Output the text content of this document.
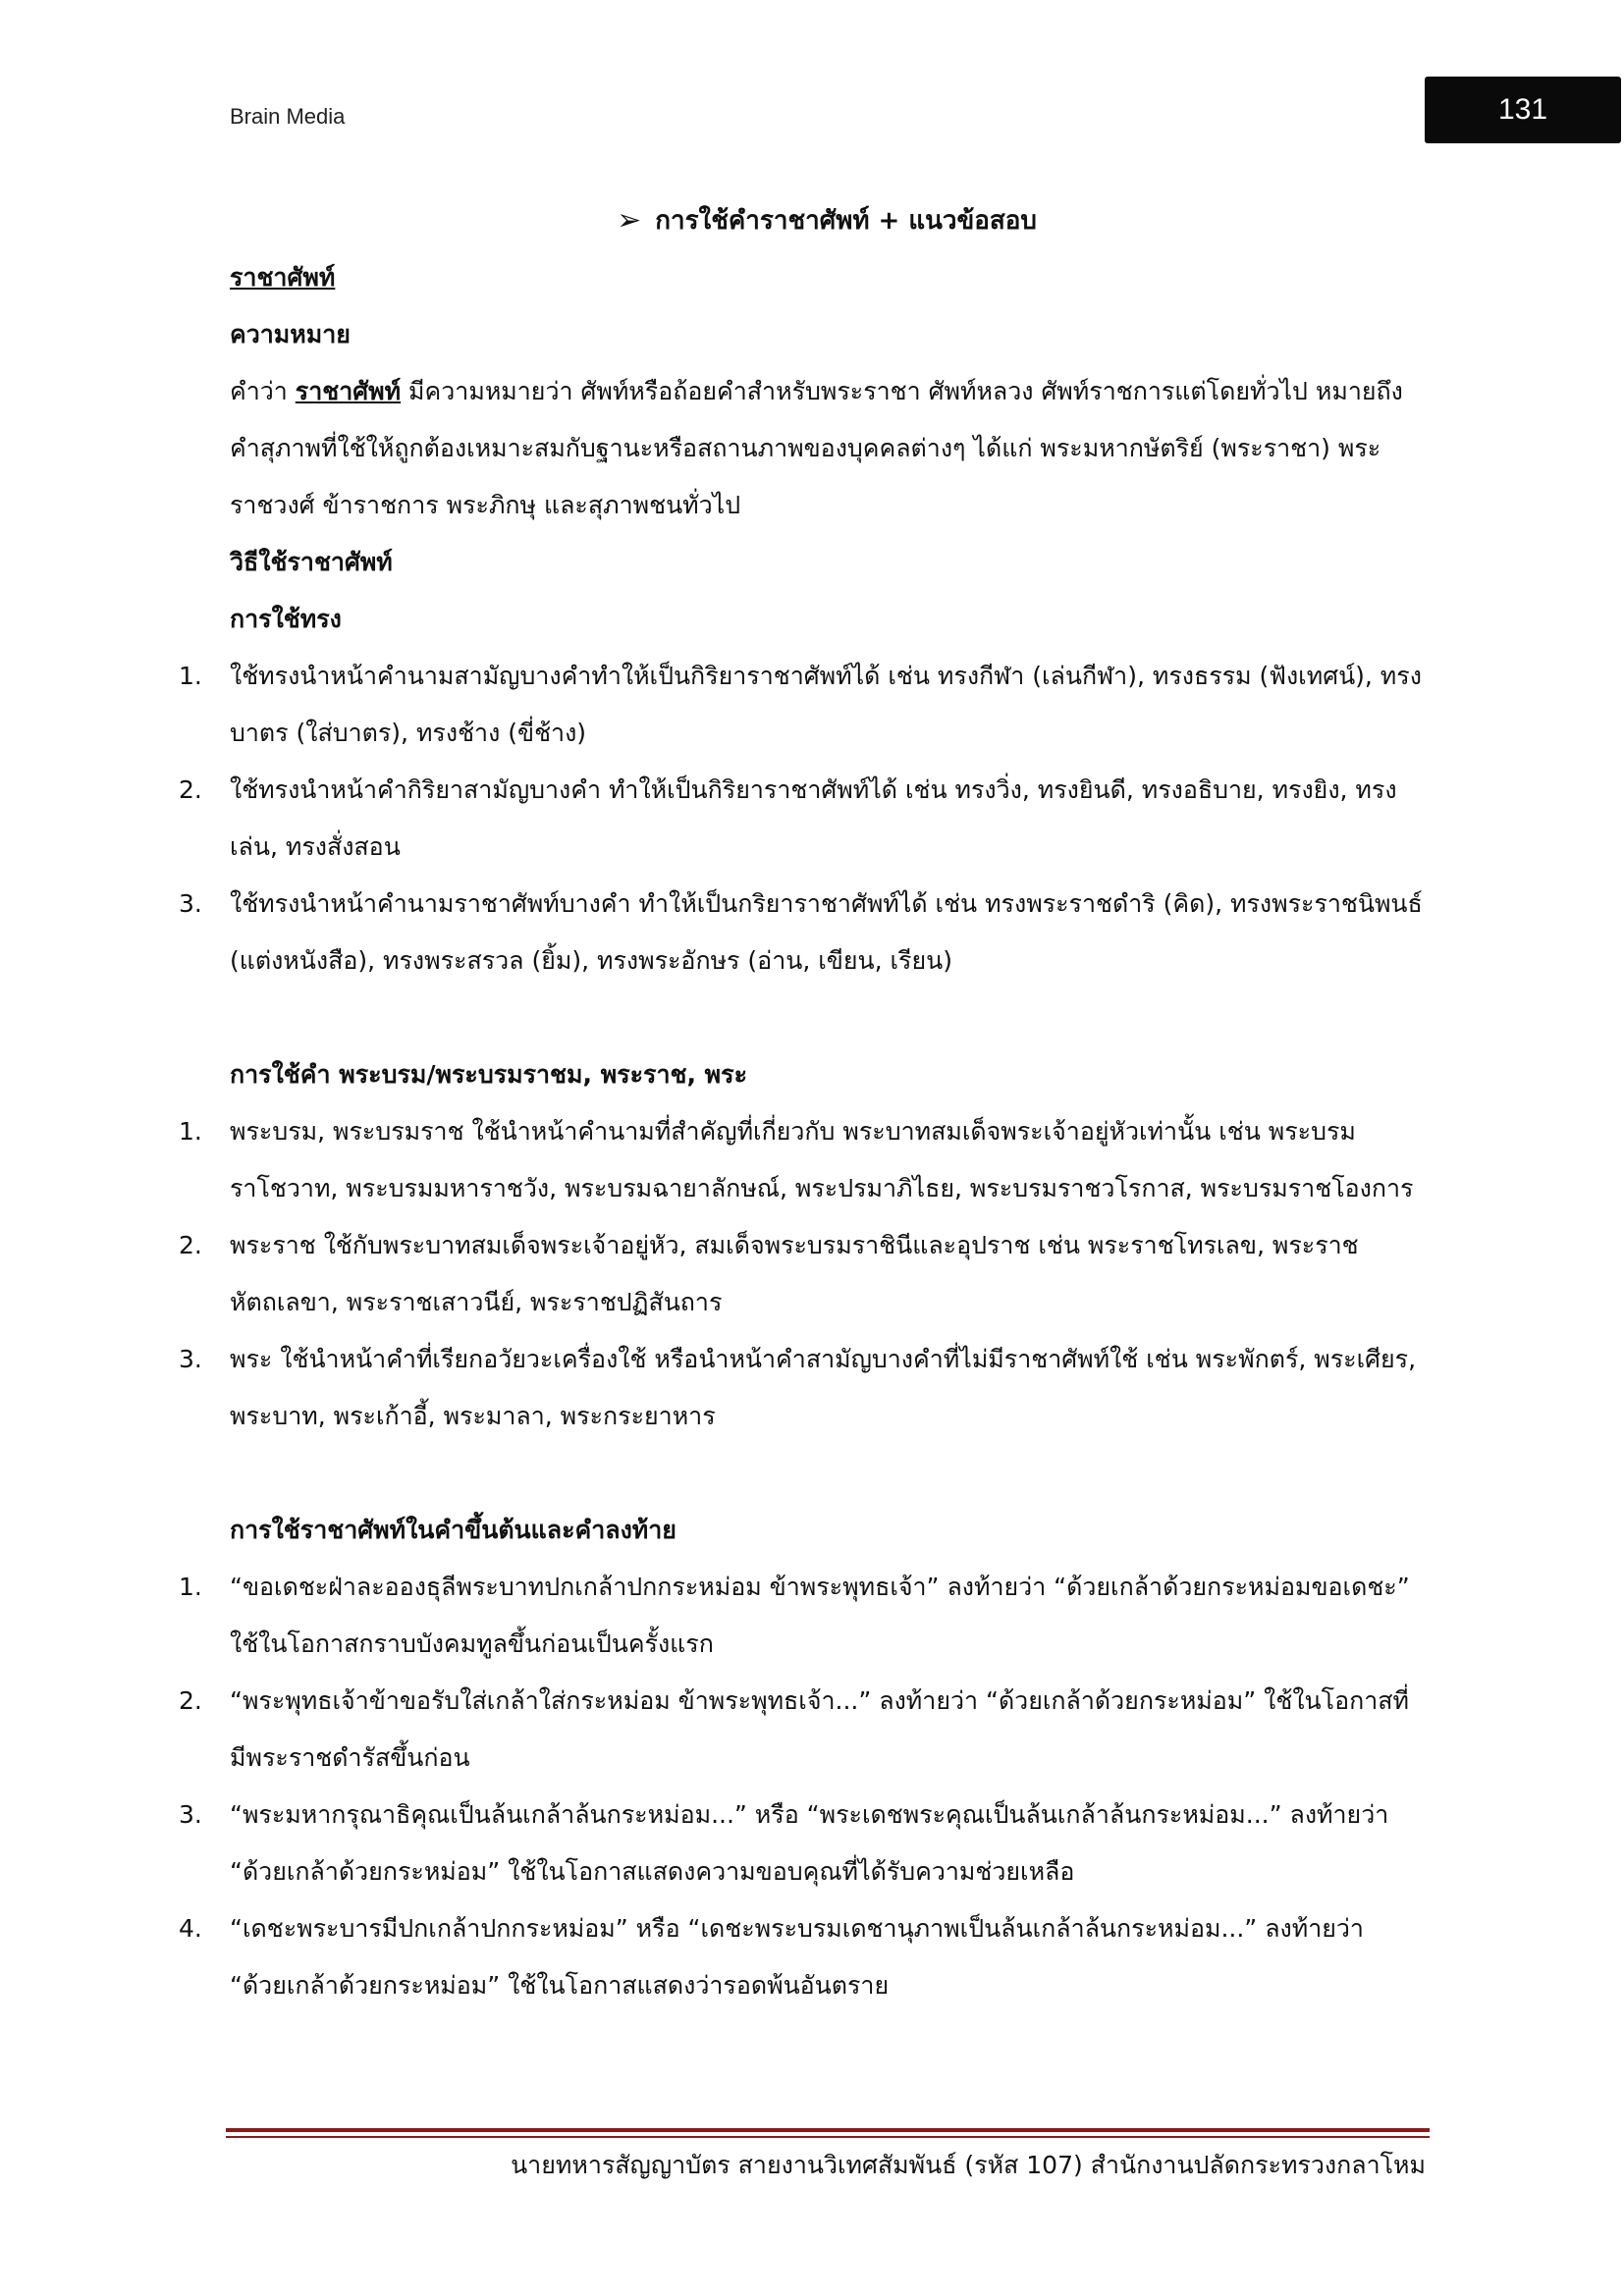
Brain Media	131
➢ การใช้คำราชาศัพท์ + แนวข้อสอบ
ราชาศัพท์
ความหมาย

คำว่า ราชาศัพท์ มีความหมายว่า ศัพท์หรือถ้อยคำสำหรับพระราชา ศัพท์หลวง ศัพท์ราชการแต่โดยทั่วไป หมายถึง คำสุภาพที่ใช้ให้ถูกต้องเหมาะสมกับฐานะหรือสถานภาพของบุคคลต่างๆ ได้แก่ พระมหากษัตริย์ (พระราชา) พระราชวงศ์ ข้าราชการ พระภิกษุ และสุภาพชนทั่วไป

วิธีใช้ราชาศัพท์
การใช้ทรง
1.	ใช้ทรงนำหน้าคำนามสามัญบางคำทำให้เป็นกิริยาราชาศัพท์ได้ เช่น ทรงกีฬา (เล่นกีฬา), ทรงธรรม (ฟังเทศน์), ทรงบาตร (ใส่บาตร), ทรงช้าง (ขี่ช้าง)
2.	ใช้ทรงนำหน้าคำกิริยาสามัญบางคำ ทำให้เป็นกิริยาราชาศัพท์ได้ เช่น ทรงวิ่ง, ทรงยินดี, ทรงอธิบาย, ทรงยิง, ทรงเล่น, ทรงสั่งสอน
3.	ใช้ทรงนำหน้าคำนามราชาศัพท์บางคำ ทำให้เป็นกริยาราชาศัพท์ได้ เช่น ทรงพระราชดำริ (คิด), ทรงพระราชนิพนธ์ (แต่งหนังสือ), ทรงพระสรวล (ยิ้ม), ทรงพระอักษร (อ่าน, เขียน, เรียน)
การใช้คำ พระบรม/พระบรมราชม, พระราช, พระ
1.	พระบรม, พระบรมราช ใช้นำหน้าคำนามที่สำคัญที่เกี่ยวกับ พระบาทสมเด็จพระเจ้าอยู่หัวเท่านั้น เช่น พระบรมราโชวาท, พระบรมมหาราชวัง, พระบรมฉายาลักษณ์, พระปรมาภิไธย, พระบรมราชวโรกาส, พระบรมราชโองการ
2.	พระราช ใช้กับพระบาทสมเด็จพระเจ้าอยู่หัว, สมเด็จพระบรมราชินีและอุปราช เช่น พระราชโทรเลข, พระราชหัตถเลขา, พระราชเสาวนีย์, พระราชปฏิสันถาร
3.	พระ ใช้นำหน้าคำที่เรียกอวัยวะเครื่องใช้ หรือนำหน้าคำสามัญบางคำที่ไม่มีราชาศัพท์ใช้ เช่น พระพักตร์, พระเศียร, พระบาท, พระเก้าอี้, พระมาลา, พระกระยาหาร
การใช้ราชาศัพท์ในคำขึ้นต้นและคำลงท้าย
1.	“ขอเดชะฝ่าละอองธุลีพระบาทปกเกล้าปกกระหม่อม ข้าพระพุทธเจ้า” ลงท้ายว่า “ด้วยเกล้าด้วยกระหม่อมขอเดชะ” ใช้ในโอกาสกราบบังคมทูลขึ้นก่อนเป็นครั้งแรก
2.	“พระพุทธเจ้าข้าขอรับใส่เกล้าใส่กระหม่อม ข้าพระพุทธเจ้า...” ลงท้ายว่า “ด้วยเกล้าด้วยกระหม่อม” ใช้ในโอกาสที่มีพระราชดำรัสขึ้นก่อน
3.	“พระมหากรุณาธิคุณเป็นล้นเกล้าล้นกระหม่อม...” หรือ “พระเดชพระคุณเป็นล้นเกล้าล้นกระหม่อม...” ลงท้ายว่า “ด้วยเกล้าด้วยกระหม่อม” ใช้ในโอกาสแสดงความขอบคุณที่ได้รับความช่วยเหลือ
4.	“เดชะพระบารมีปกเกล้าปกกระหม่อม” หรือ “เดชะพระบรมเดชานุภาพเป็นล้นเกล้าล้นกระหม่อม...” ลงท้ายว่า “ด้วยเกล้าด้วยกระหม่อม” ใช้ในโอกาสแสดงว่ารอดพ้นอันตราย
นายทหารสัญญาบัตร สายงานวิเทศสัมพันธ์ (รหัส 107) สำนักงานปลัดกระทรวงกลาโหม
